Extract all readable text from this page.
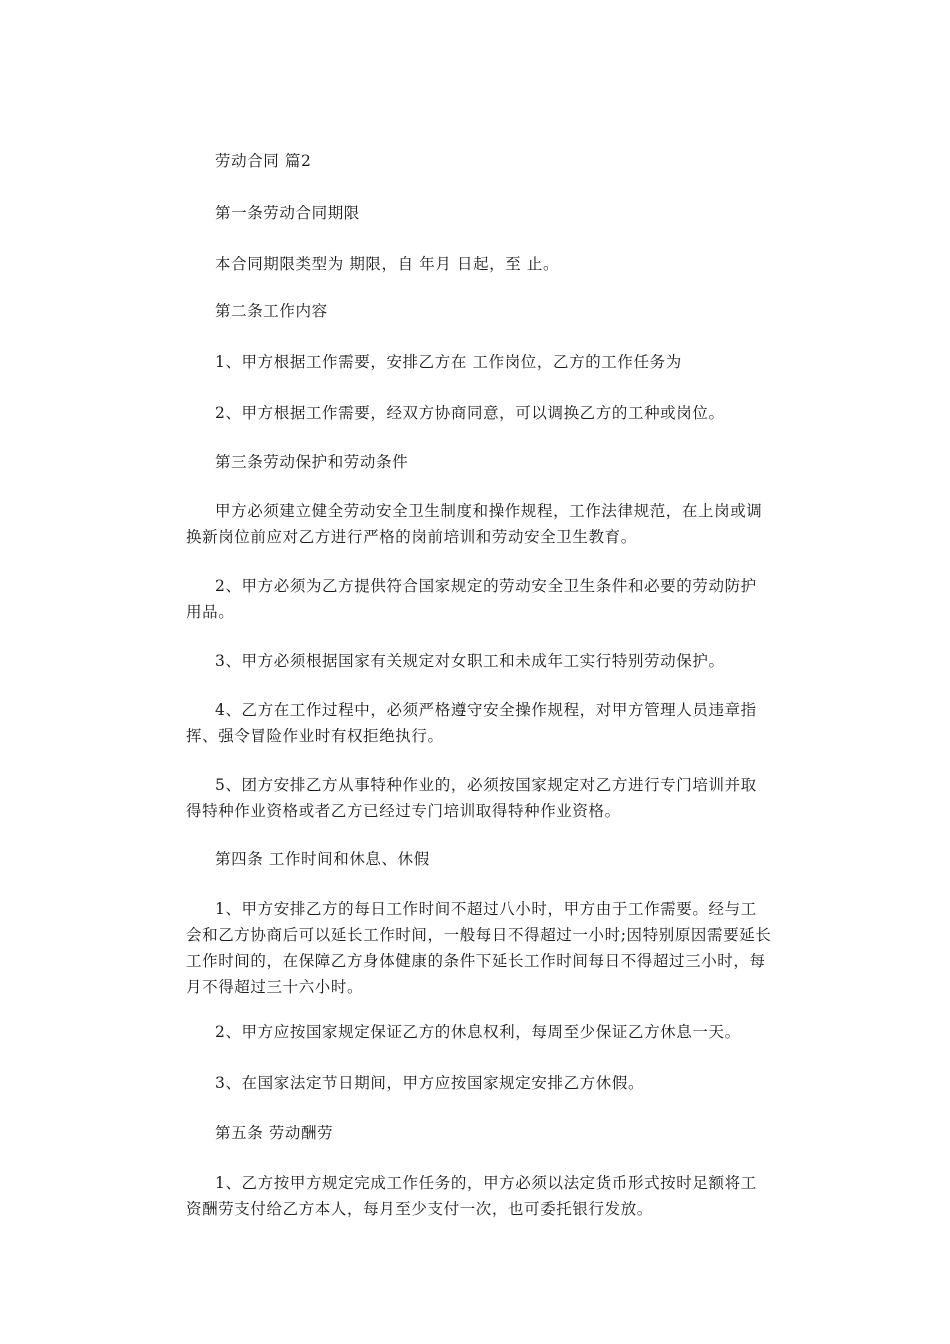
劳动合同 篇2

第一条劳动合同期限

本合同期限类型为 期限，自 年月 日起，至 止。

第二条工作内容

1、甲方根据工作需要，安排乙方在 工作岗位，乙方的工作任务为

2、甲方根据工作需要，经双方协商同意，可以调换乙方的工种或岗位。

第三条劳动保护和劳动条件

甲方必须建立健全劳动安全卫生制度和操作规程，工作法律规范，在上岗或调换新岗位前应对乙方进行严格的岗前培训和劳动安全卫生教育。

2、甲方必须为乙方提供符合国家规定的劳动安全卫生条件和必要的劳动防护用品。

3、甲方必须根据国家有关规定对女职工和未成年工实行特别劳动保护。

4、乙方在工作过程中，必须严格遵守安全操作规程，对甲方管理人员违章指挥、强令冒险作业时有权拒绝执行。

5、团方安排乙方从事特种作业的，必须按国家规定对乙方进行专门培训并取得特种作业资格或者乙方已经过专门培训取得特种作业资格。

第四条 工作时间和休息、休假

1、甲方安排乙方的每日工作时间不超过八小时，甲方由于工作需要。经与工会和乙方协商后可以延长工作时间，一般每日不得超过一小时;因特别原因需要延长工作时间的，在保障乙方身体健康的条件下延长工作时间每日不得超过三小时，每月不得超过三十六小时。

2、甲方应按国家规定保证乙方的休息权利，每周至少保证乙方休息一天。

3、在国家法定节日期间，甲方应按国家规定安排乙方休假。

第五条 劳动酬劳

1、乙方按甲方规定完成工作任务的，甲方必须以法定货币形式按时足额将工资酬劳支付给乙方本人，每月至少支付一次，也可委托银行发放。
